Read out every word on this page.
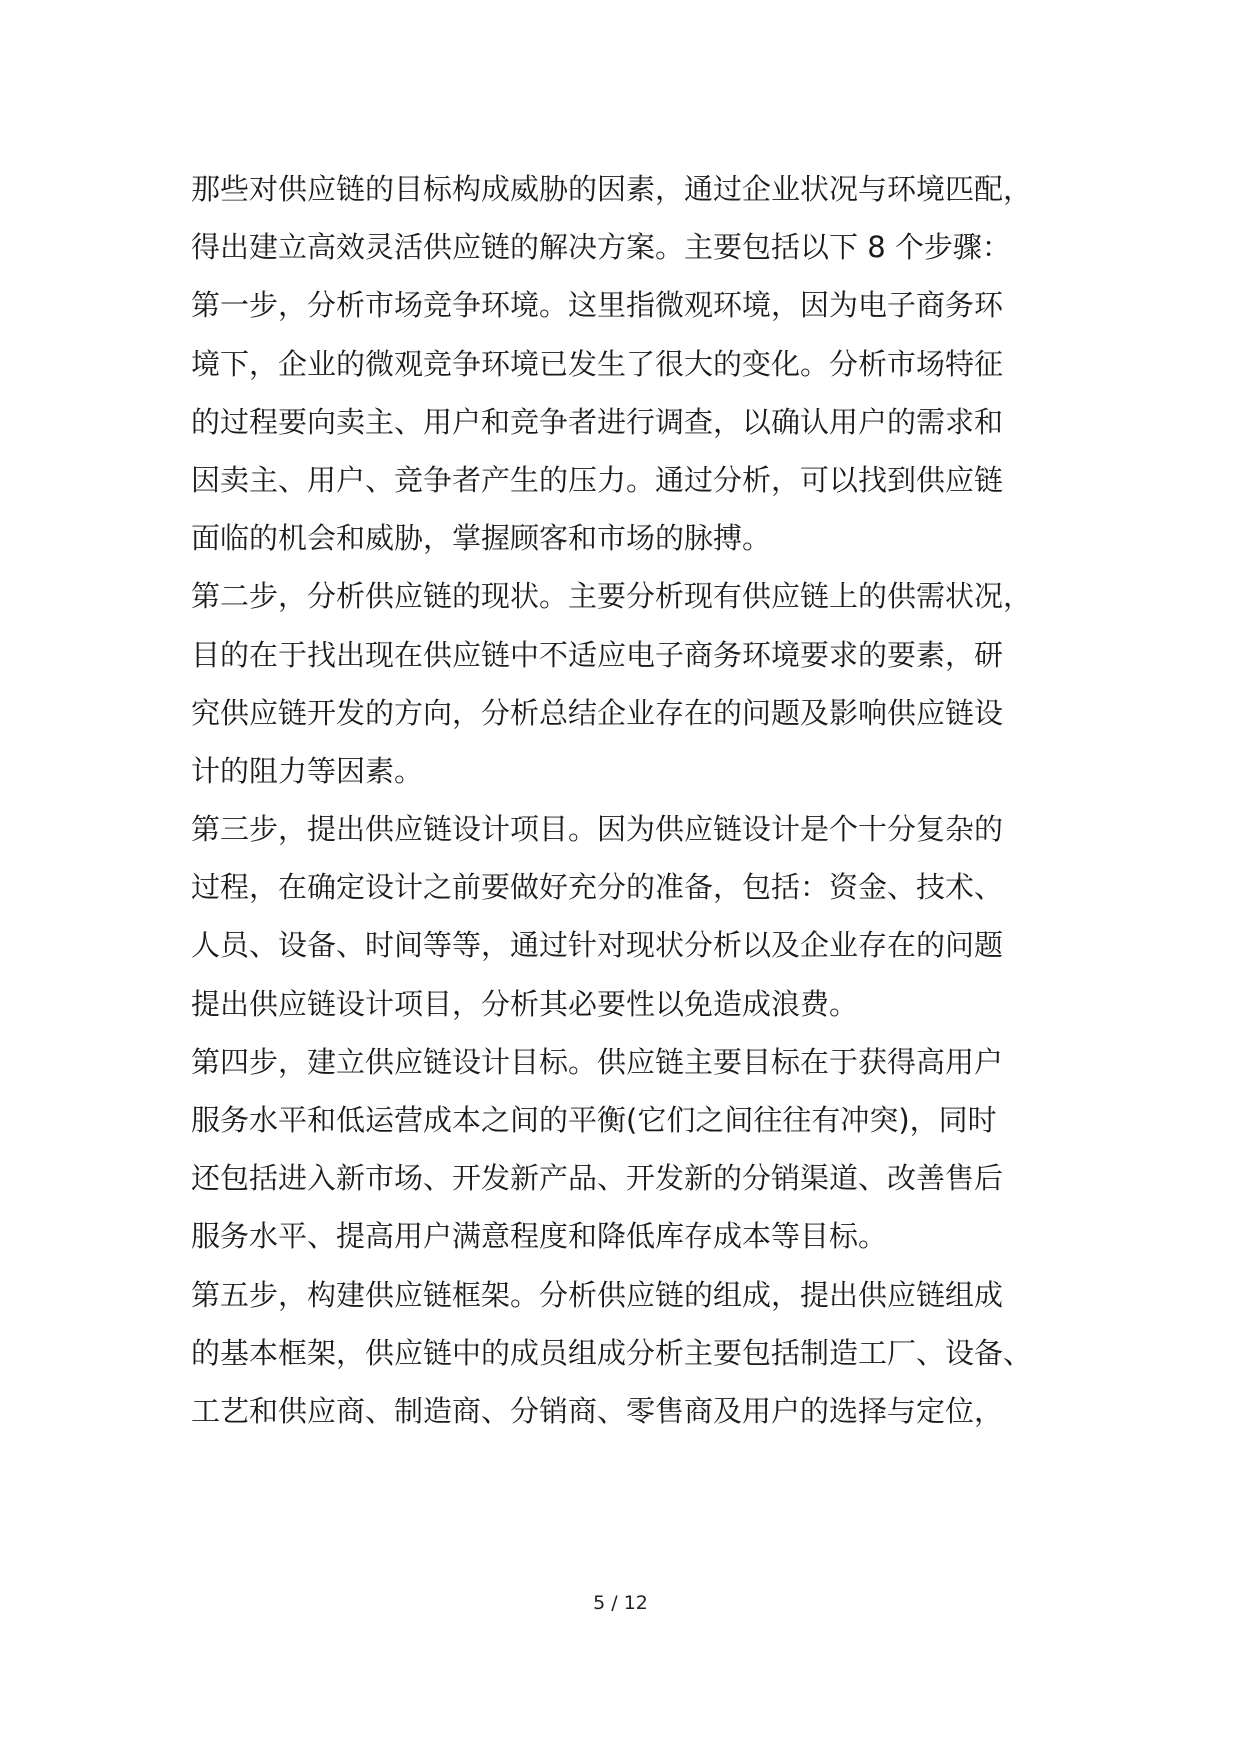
那些对供应链的目标构成威胁的因素，通过企业状况与环境匹配，
得出建立高效灵活供应链的解决方案。主要包括以下 8 个步骤：
第一步，分析市场竞争环境。这里指微观环境，因为电子商务环
境下，企业的微观竞争环境已发生了很大的变化。分析市场特征
的过程要向卖主、用户和竞争者进行调查，以确认用户的需求和
因卖主、用户、竞争者产生的压力。通过分析，可以找到供应链
面临的机会和威胁，掌握顾客和市场的脉搏。
第二步，分析供应链的现状。主要分析现有供应链上的供需状况，
目的在于找出现在供应链中不适应电子商务环境要求的要素，研
究供应链开发的方向，分析总结企业存在的问题及影响供应链设
计的阻力等因素。
第三步，提出供应链设计项目。因为供应链设计是个十分复杂的
过程，在确定设计之前要做好充分的准备，包括：资金、技术、
人员、设备、时间等等，通过针对现状分析以及企业存在的问题
提出供应链设计项目，分析其必要性以免造成浪费。
第四步，建立供应链设计目标。供应链主要目标在于获得高用户
服务水平和低运营成本之间的平衡(它们之间往往有冲突)，同时
还包括进入新市场、开发新产品、开发新的分销渠道、改善售后
服务水平、提高用户满意程度和降低库存成本等目标。
第五步，构建供应链框架。分析供应链的组成，提出供应链组成
的基本框架，供应链中的成员组成分析主要包括制造工厂、设备、
工艺和供应商、制造商、分销商、零售商及用户的选择与定位，
5 / 12
